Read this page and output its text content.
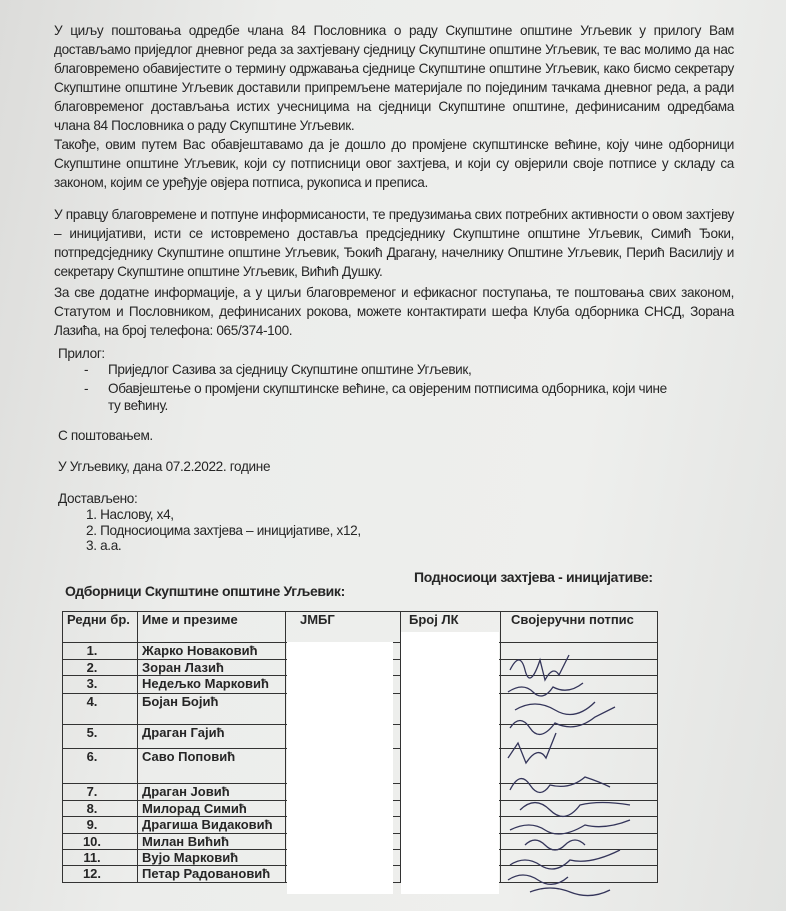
У циљу поштовања одредбе члана 84 Пословника о раду Скупштине општине Угљевик у прилогу Вам достављамо приједлог дневног реда за захтјевану сједницу Скупштине општине Угљевик, те вас молимо да нас благовремено обавијестите о термину одржавања сједнице Скупштине општине Угљевик, како бисмо секретару Скупштине општине Угљевик доставили припремљене материјале по појединим тачкама дневног реда, а ради благовременог достављања истих учесницима на сједници Скупштине општине, дефинисаним одредбама члана 84 Пословника о раду Скупштине Угљевик.
Такође, овим путем Вас обавјештавамо да је дошло до промјене скупштинске већине, коју чине одборници Скупштине општине Угљевик, који су потписници овог захтјева, и који су овјерили своје потписе у складу са законом, којим се уређује овјера потписа, рукописа и преписа.
У правцу благовремене и потпуне информисаности, те предузимања свих потребних активности о овом захтјеву – иницијативи, исти се истовремено доставља предсједнику Скупштине општине Угљевик, Симић Ђоки, потпредсједнику Скупштине општине Угљевик, Ђокић Драгану, начелнику Општине Угљевик, Перић Василију и секретару Скупштине општине Угљевик, Вићић Душку.
За све додатне информације, а у циљи благовременог и ефикасног поступања, те поштовања свих законом, Статутом и Пословником, дефинисаних рокова, можете контактирати шефа Клуба одборника СНСД, Зорана Лазића, на број телефона: 065/374-100.
Прилог:
- Приједлог Сазива за сједницу Скупштине општине Угљевик,
- Обавјештење о промјени скупштинске већине, са овјереним потписима одборника, који чине
ту већину.
С поштовањем.
У Угљевику, дана 07.2.2022. године
Достављено:
1. Наслову, х4,
2. Подносиоцима захтјева – иницијативе, х12,
3. а.а.
Подносиоци захтјева - иницијативе:
Одборници Скупштине општине Угљевик:
Редни бр.	Име и презиме	ЈМБГ	Број ЛК	Својеручни потпис
1.	Жарко Новаковић			
2.	Зоран Лазић			
3.	Недељко Марковић			
4.	Бојан Бојић			
5.	Драган Гајић			
6.	Саво Поповић			
7.	Драган Јовић			
8.	Милорад Симић			
9.	Драгиша Видаковић			
10.	Милан Вићић			
11.	Вујо Марковић			
12.	Петар Радовановић			
